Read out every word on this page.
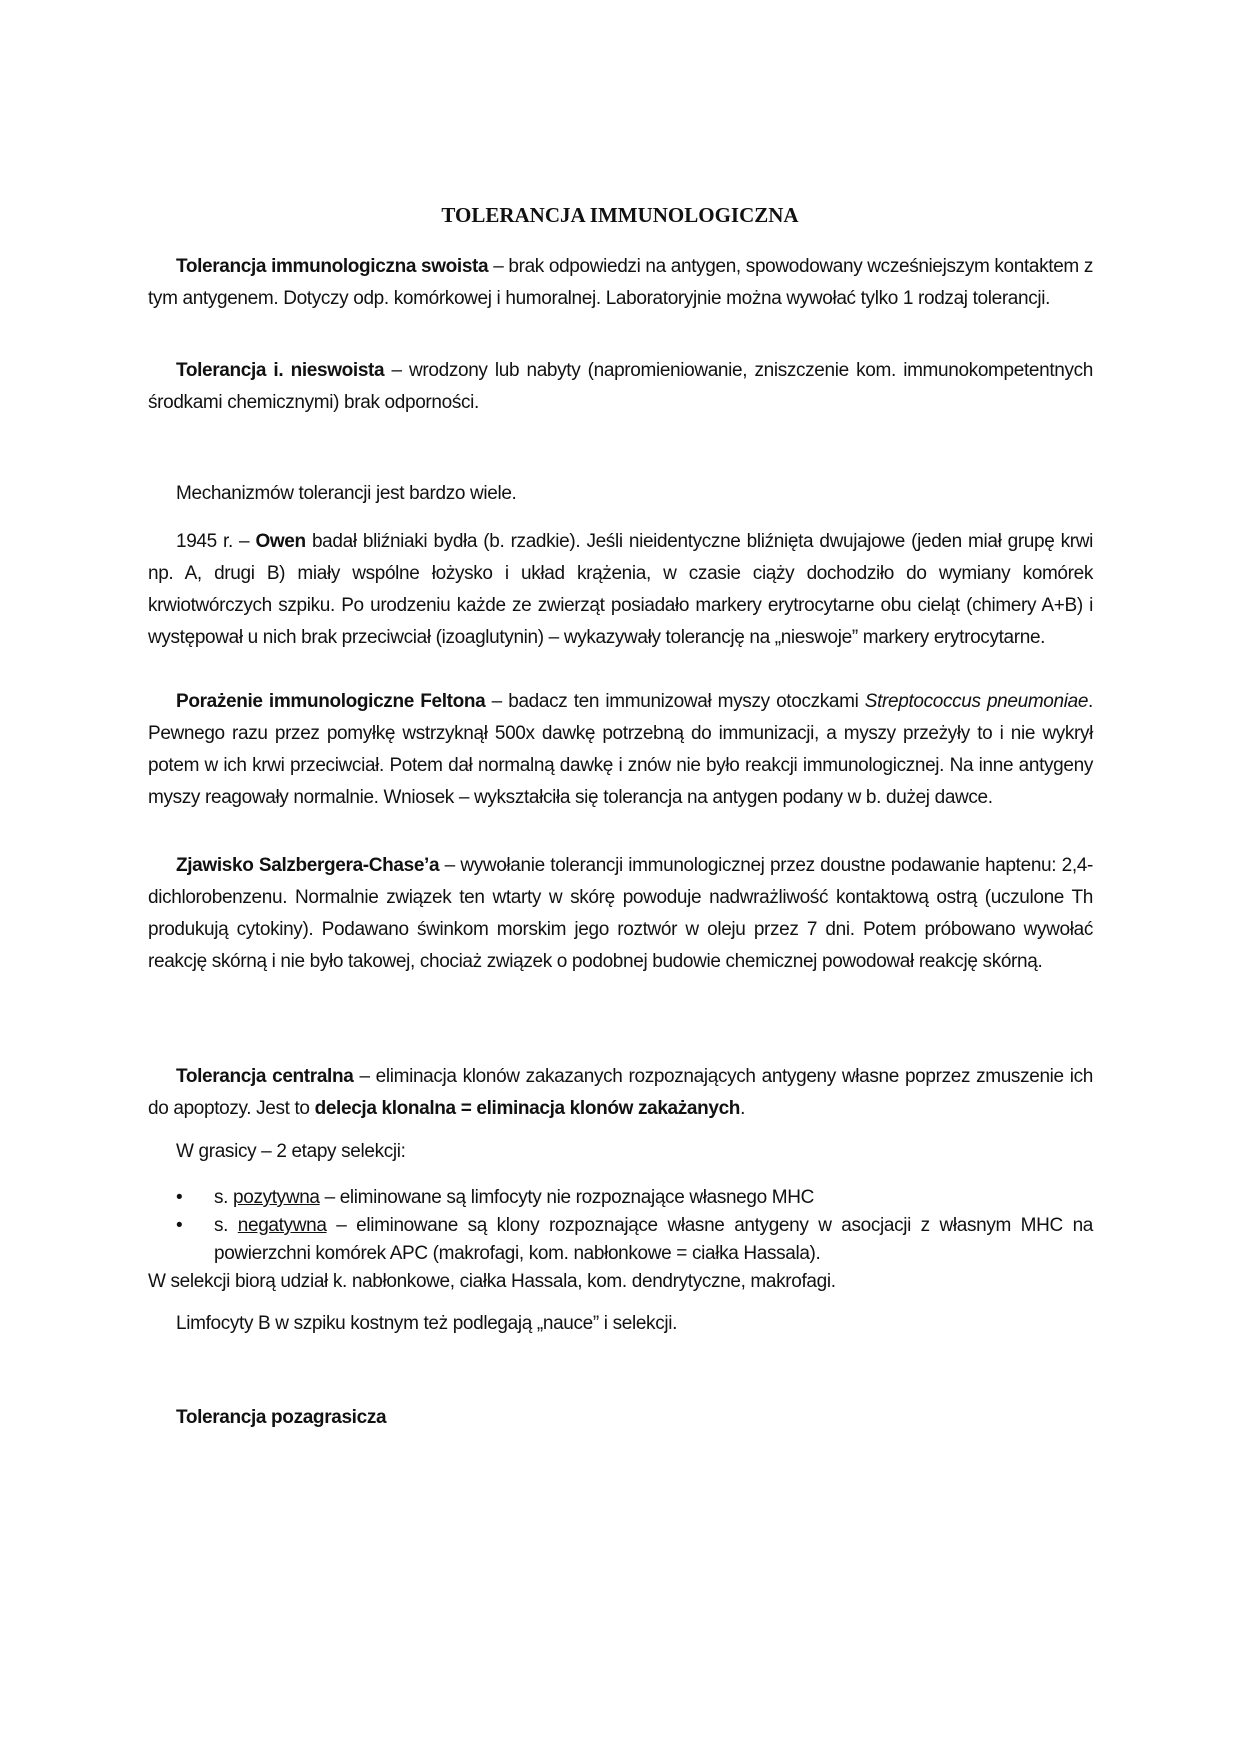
TOLERANCJA IMMUNOLOGICZNA
Tolerancja immunologiczna swoista – brak odpowiedzi na antygen, spowodowany wcześniejszym kontaktem z tym antygenem. Dotyczy odp. komórkowej i humoralnej. Laboratoryjnie można wywołać tylko 1 rodzaj tolerancji.
Tolerancja i. nieswoista – wrodzony lub nabyty (napromieniowanie, zniszczenie kom. immunokompetentnych środkami chemicznymi) brak odporności.
Mechanizmów tolerancji jest bardzo wiele.
1945 r. – Owen badał bliźniaki bydła (b. rzadkie). Jeśli nieidentyczne bliźnięta dwujajowe (jeden miał grupę krwi np. A, drugi B) miały wspólne łożysko i układ krążenia, w czasie ciąży dochodziło do wymiany komórek krwiotwórczych szpiku. Po urodzeniu każde ze zwierząt posiadało markery erytrocytarne obu cieląt (chimery A+B) i występował u nich brak przeciwciał (izoaglutynin) – wykazywały tolerancję na „nieswoje” markery erytrocytarne.
Porażenie immunologiczne Feltona – badacz ten immunizował myszy otoczkami Streptococcus pneumoniae. Pewnego razu przez pomyłkę wstrzyknął 500x dawkę potrzebną do immunizacji, a myszy przeżyły to i nie wykrył potem w ich krwi przeciwciał. Potem dał normalną dawkę i znów nie było reakcji immunologicznej. Na inne antygeny myszy reagowały normalnie. Wniosek – wykształciła się tolerancja na antygen podany w b. dużej dawce.
Zjawisko Salzbergera-Chase’a – wywołanie tolerancji immunologicznej przez doustne podawanie haptenu: 2,4-dichlorobenzenu. Normalnie związek ten wtarty w skórę powoduje nadwrażliwość kontaktową ostrą (uczulone Th produkują cytokiny). Podawano świnkom morskim jego roztwór w oleju przez 7 dni. Potem próbowano wywołać reakcję skórną i nie było takowej, chociaż związek o podobnej budowie chemicznej powodował reakcję skórną.
Tolerancja centralna – eliminacja klonów zakazanych rozpoznających antygeny własne poprzez zmuszenie ich do apoptozy. Jest to delecja klonalna = eliminacja klonów zakażanych.
W grasicy – 2 etapy selekcji:
• s. pozytywna – eliminowane są limfocyty nie rozpoznające własnego MHC
• s. negatywna – eliminowane są klony rozpoznające własne antygeny w asocjacji z własnym MHC na powierzchni komórek APC (makrofagi, kom. nabłonkowe = ciałka Hassala).
W selekcji biorą udział k. nabłonkowe, ciałka Hassala, kom. dendrytyczne, makrofagi.
Limfocyty B w szpiku kostnym też podlegają „nauce” i selekcji.
Tolerancja pozagrasicza
